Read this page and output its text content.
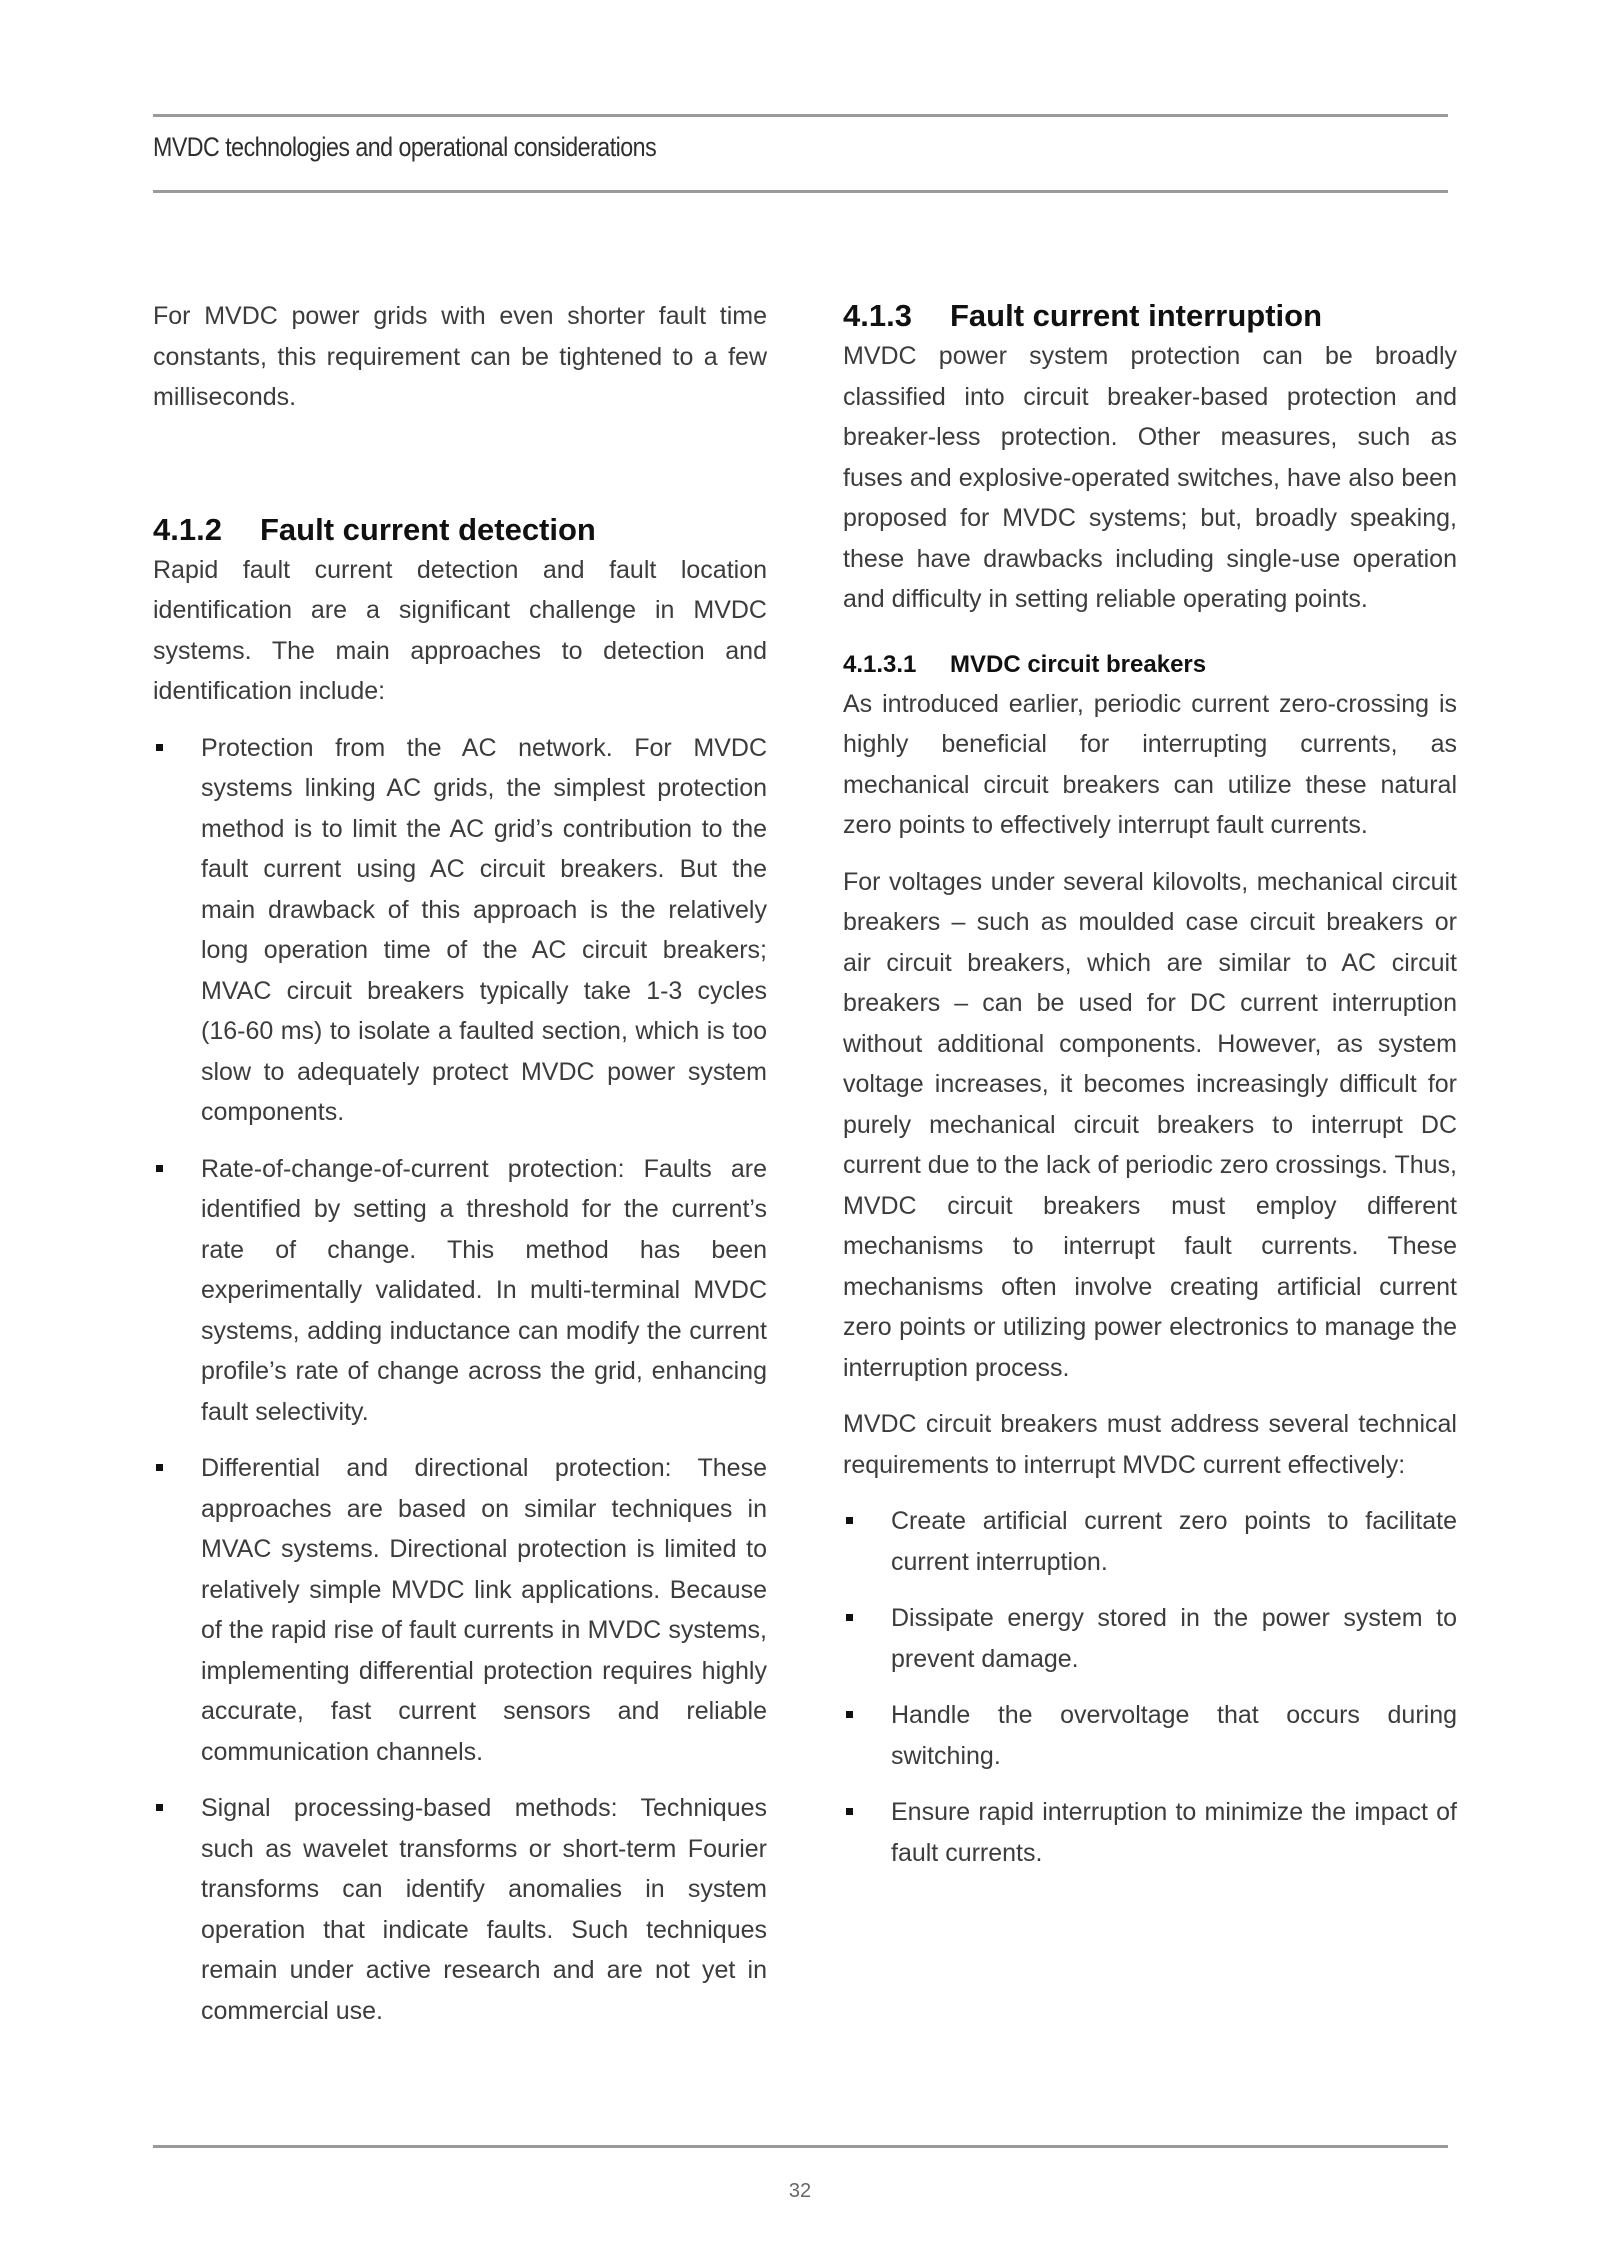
MVDC technologies and operational considerations

For MVDC power grids with even shorter fault time constants, this requirement can be tightened to a few milliseconds.

4.1.2 Fault current detection

Rapid fault current detection and fault location identification are a significant challenge in MVDC systems. The main approaches to detection and identification include:

Protection from the AC network. For MVDC systems linking AC grids, the simplest protection method is to limit the AC grid’s contribution to the fault current using AC circuit breakers. But the main drawback of this approach is the relatively long operation time of the AC circuit breakers; MVAC circuit breakers typically take 1-3 cycles (16-60 ms) to isolate a faulted section, which is too slow to adequately protect MVDC power system components.

Rate-of-change-of-current protection: Faults are identified by setting a threshold for the current’s rate of change. This method has been experimentally validated. In multi-terminal MVDC systems, adding inductance can modify the current profile’s rate of change across the grid, enhancing fault selectivity.

Differential and directional protection: These approaches are based on similar techniques in MVAC systems. Directional protection is limited to relatively simple MVDC link applications. Because of the rapid rise of fault currents in MVDC systems, implementing differential protection requires highly accurate, fast current sensors and reliable communication channels.

Signal processing-based methods: Techniques such as wavelet transforms or short-term Fourier transforms can identify anomalies in system operation that indicate faults. Such techniques remain under active research and are not yet in commercial use.

4.1.3 Fault current interruption

MVDC power system protection can be broadly classified into circuit breaker-based protection and breaker-less protection. Other measures, such as fuses and explosive-operated switches, have also been proposed for MVDC systems; but, broadly speaking, these have drawbacks including single-use operation and difficulty in setting reliable operating points.

4.1.3.1 MVDC circuit breakers

As introduced earlier, periodic current zero-crossing is highly beneficial for interrupting currents, as mechanical circuit breakers can utilize these natural zero points to effectively interrupt fault currents.

For voltages under several kilovolts, mechanical circuit breakers – such as moulded case circuit breakers or air circuit breakers, which are similar to AC circuit breakers – can be used for DC current interruption without additional components. However, as system voltage increases, it becomes increasingly difficult for purely mechanical circuit breakers to interrupt DC current due to the lack of periodic zero crossings. Thus, MVDC circuit breakers must employ different mechanisms to interrupt fault currents. These mechanisms often involve creating artificial current zero points or utilizing power electronics to manage the interruption process.

MVDC circuit breakers must address several technical requirements to interrupt MVDC current effectively:

Create artificial current zero points to facilitate current interruption.

Dissipate energy stored in the power system to prevent damage.

Handle the overvoltage that occurs during switching.

Ensure rapid interruption to minimize the impact of fault currents.

32
